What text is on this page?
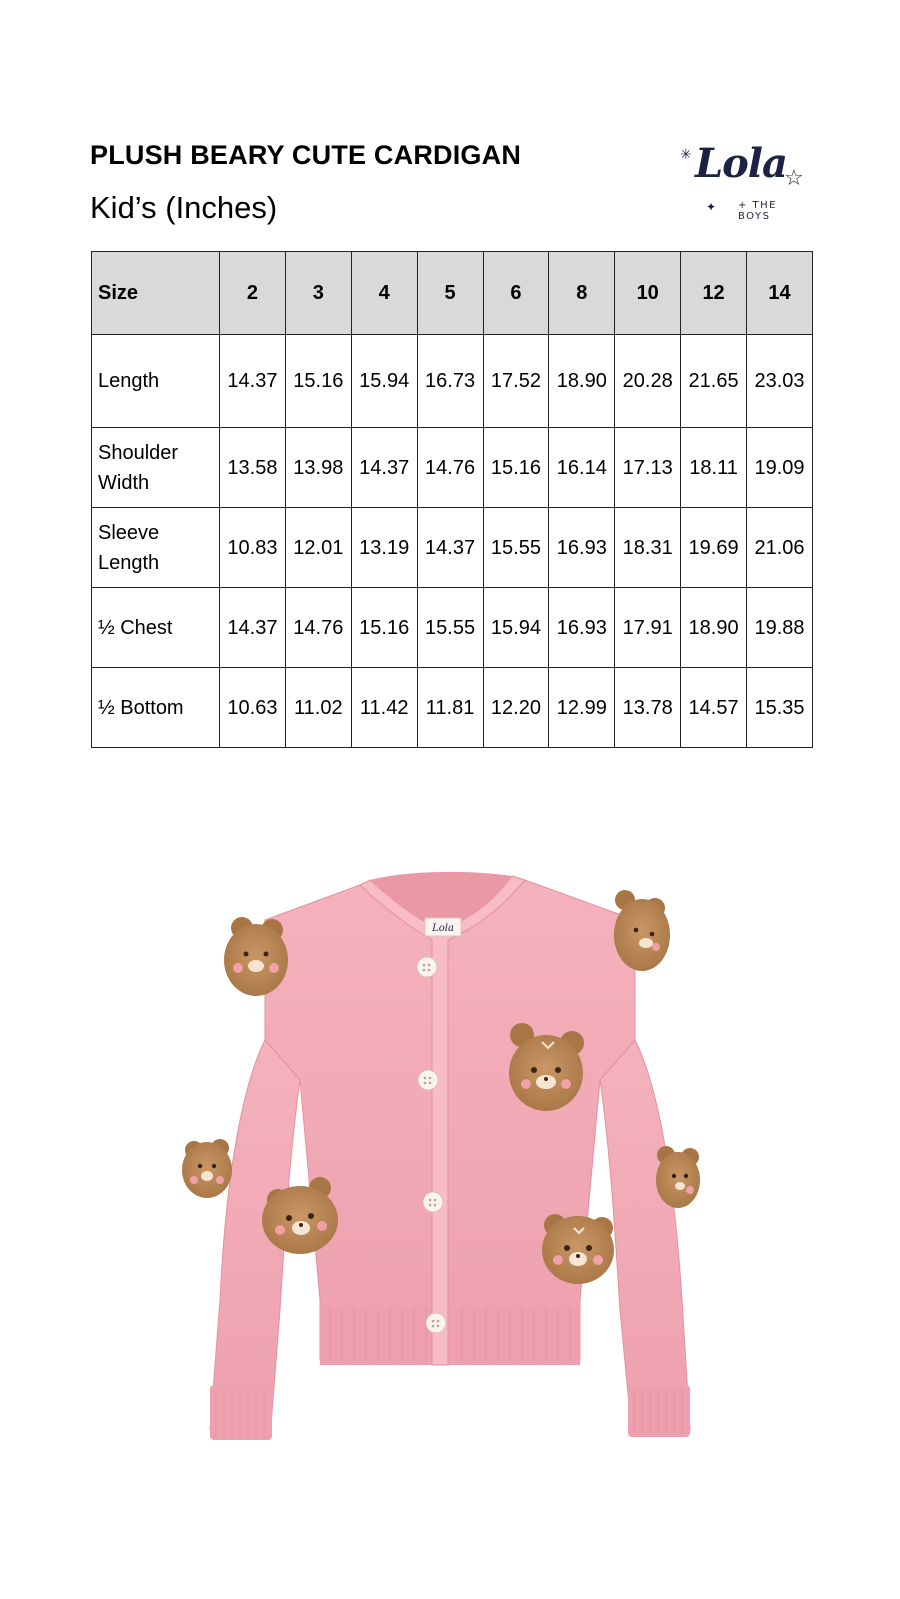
PLUSH BEARY CUTE CARDIGAN
Kid’s (Inches)
✳ Lola
☆
✦ + THE BOYS
Size	2	3	4	5	6	8	10	12	14
Length	14.37	15.16	15.94	16.73	17.52	18.90	20.28	21.65	23.03
Shoulder Width	13.58	13.98	14.37	14.76	15.16	16.14	17.13	18.11	19.09
Sleeve Length	10.83	12.01	13.19	14.37	15.55	16.93	18.31	19.69	21.06
½ Chest	14.37	14.76	15.16	15.55	15.94	16.93	17.91	18.90	19.88
½ Bottom	10.63	11.02	11.42	11.81	12.20	12.99	13.78	14.57	15.35
Lola
